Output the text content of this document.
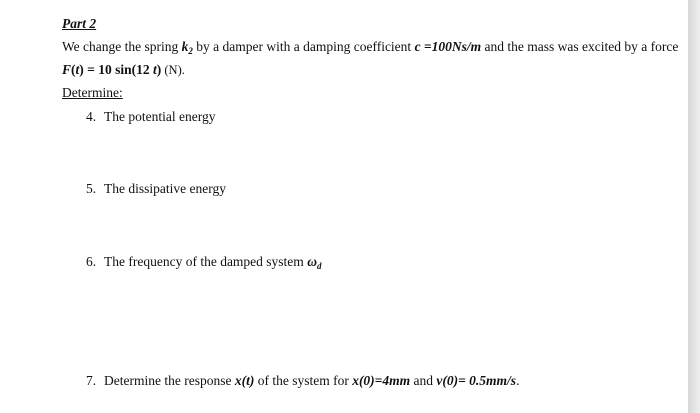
Part 2
We change the spring $k_2$ by a damper with a damping coefficient c =100Ns/m and the mass was excited by a force
F(t) = 10 sin(12 t) (N).
Determine:
4. The potential energy
5. The dissipative energy
6. The frequency of the damped system $\omega_d$
7. Determine the response x(t) of the system for x(0)=4mm and v(0)= 0.5mm/s.
